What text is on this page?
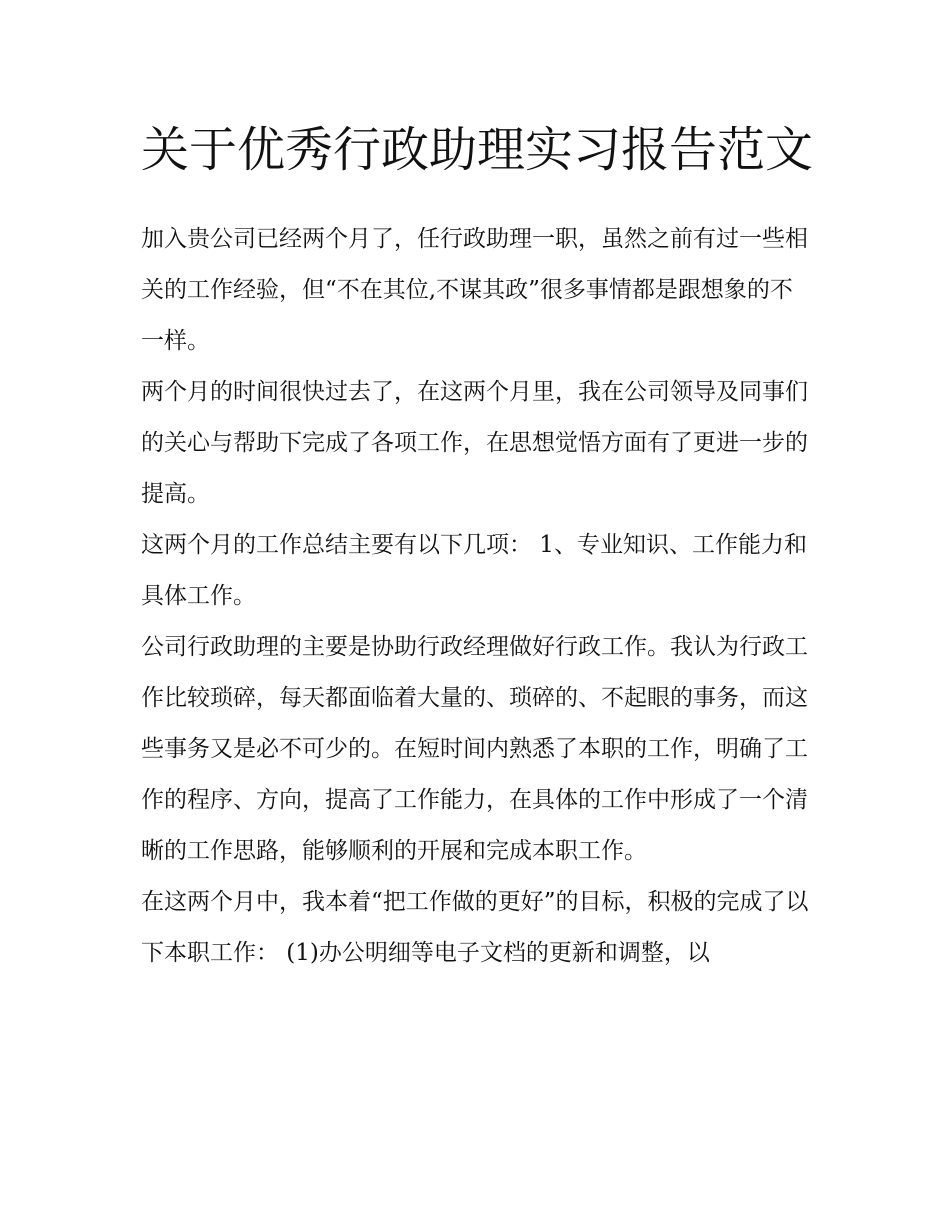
关于优秀行政助理实习报告范文

加入贵公司已经两个月了，任行政助理一职，虽然之前有过一些相关的工作经验，但“不在其位,不谋其政”很多事情都是跟想象的不一样。

两个月的时间很快过去了，在这两个月里，我在公司领导及同事们的关心与帮助下完成了各项工作，在思想觉悟方面有了更进一步的提高。

这两个月的工作总结主要有以下几项： 1、专业知识、工作能力和具体工作。

公司行政助理的主要是协助行政经理做好行政工作。我认为行政工作比较琐碎，每天都面临着大量的、琐碎的、不起眼的事务，而这些事务又是必不可少的。在短时间内熟悉了本职的工作，明确了工作的程序、方向，提高了工作能力，在具体的工作中形成了一个清晰的工作思路，能够顺利的开展和完成本职工作。

在这两个月中，我本着“把工作做的更好”的目标，积极的完成了以下本职工作： (1)办公明细等电子文档的更新和调整，以
